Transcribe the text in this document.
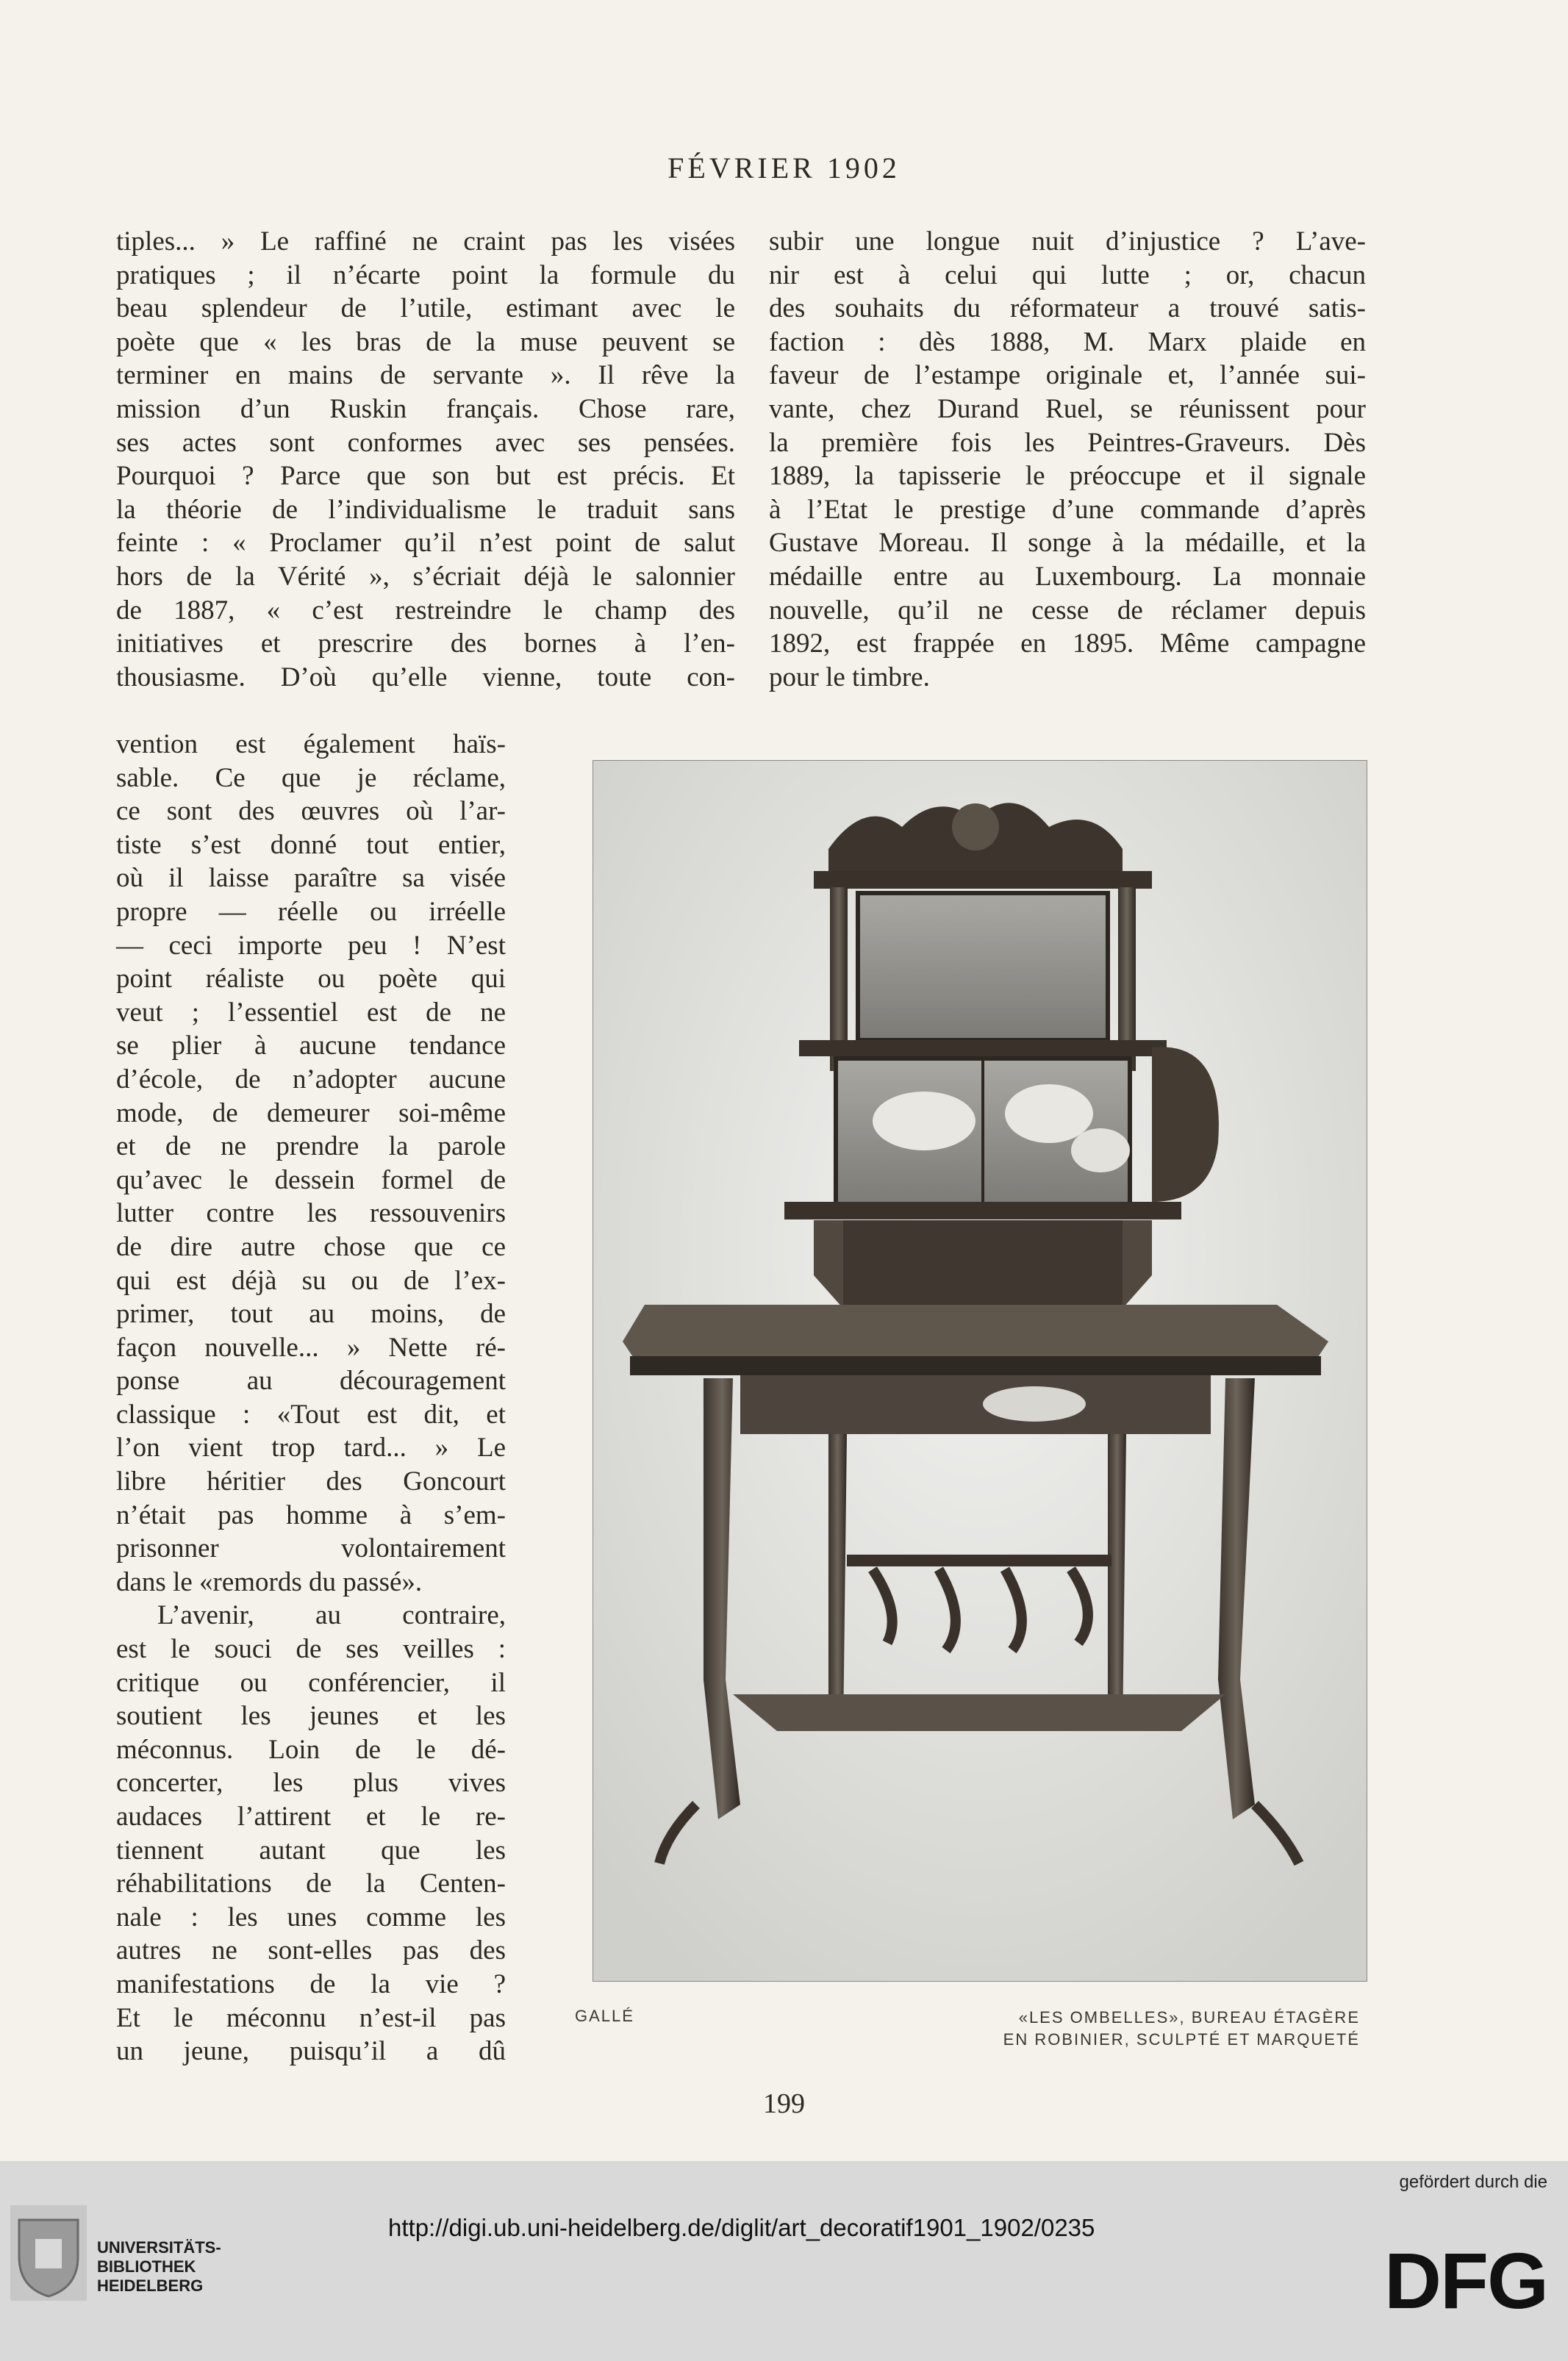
FÉVRIER 1902
tiples... » Le raffiné ne craint pas les visées
pratiques ; il n’écarte point la formule du
beau splendeur de l’utile, estimant avec le
poète que « les bras de la muse peuvent se
terminer en mains de servante ». Il rêve la
mission d’un Ruskin français. Chose rare,
ses actes sont conformes avec ses pensées.
Pourquoi ? Parce que son but est précis. Et
la théorie de l’individualisme le traduit sans
feinte : « Proclamer qu’il n’est point de salut
hors de la Vérité », s’écriait déjà le salonnier
de 1887, « c’est restreindre le champ des
initiatives et prescrire des bornes à l’en-
thousiasme. D’où qu’elle vienne, toute con-
vention est également haïs-
sable. Ce que je réclame,
ce sont des œuvres où l’ar-
tiste s’est donné tout entier,
où il laisse paraître sa visée
propre — réelle ou irréelle
— ceci importe peu ! N’est
point réaliste ou poète qui
veut ; l’essentiel est de ne
se plier à aucune tendance
d’école, de n’adopter aucune
mode, de demeurer soi-même
et de ne prendre la parole
qu’avec le dessein formel de
lutter contre les ressouvenirs
de dire autre chose que ce
qui est déjà su ou de l’ex-
primer, tout au moins, de
façon nouvelle... » Nette ré-
ponse au découragement
classique : «Tout est dit, et
l’on vient trop tard... » Le
libre héritier des Goncourt
n’était pas homme à s’em-
prisonner volontairement
dans le «remords du passé».
L’avenir, au contraire,
est le souci de ses veilles :
critique ou conférencier, il
soutient les jeunes et les
méconnus. Loin de le dé-
concerter, les plus vives
audaces l’attirent et le re-
tiennent autant que les
réhabilitations de la Centen-
nale : les unes comme les
autres ne sont-elles pas des
manifestations de la vie ?
Et le méconnu n’est-il pas
un jeune, puisqu’il a dû
subir une longue nuit d’injustice ? L’ave-
nir est à celui qui lutte ; or, chacun
des souhaits du réformateur a trouvé satis-
faction : dès 1888, M. Marx plaide en
faveur de l’estampe originale et, l’année sui-
vante, chez Durand Ruel, se réunissent pour
la première fois les Peintres-Graveurs. Dès
1889, la tapisserie le préoccupe et il signale
à l’Etat le prestige d’une commande d’après
Gustave Moreau. Il songe à la médaille, et la
médaille entre au Luxembourg. La monnaie
nouvelle, qu’il ne cesse de réclamer depuis
1892, est frappée en 1895. Même campagne
pour le timbre.
GALLÉ	«LES OMBELLES», BUREAU ÉTAGÈRE
EN ROBINIER, SCULPTÉ ET MARQUETÉ
199
UNIVERSITÄTS-
BIBLIOTHEK
HEIDELBERG
http://digi.ub.uni-heidelberg.de/diglit/art_decoratif1901_1902/0235
gefördert durch die
DFG
